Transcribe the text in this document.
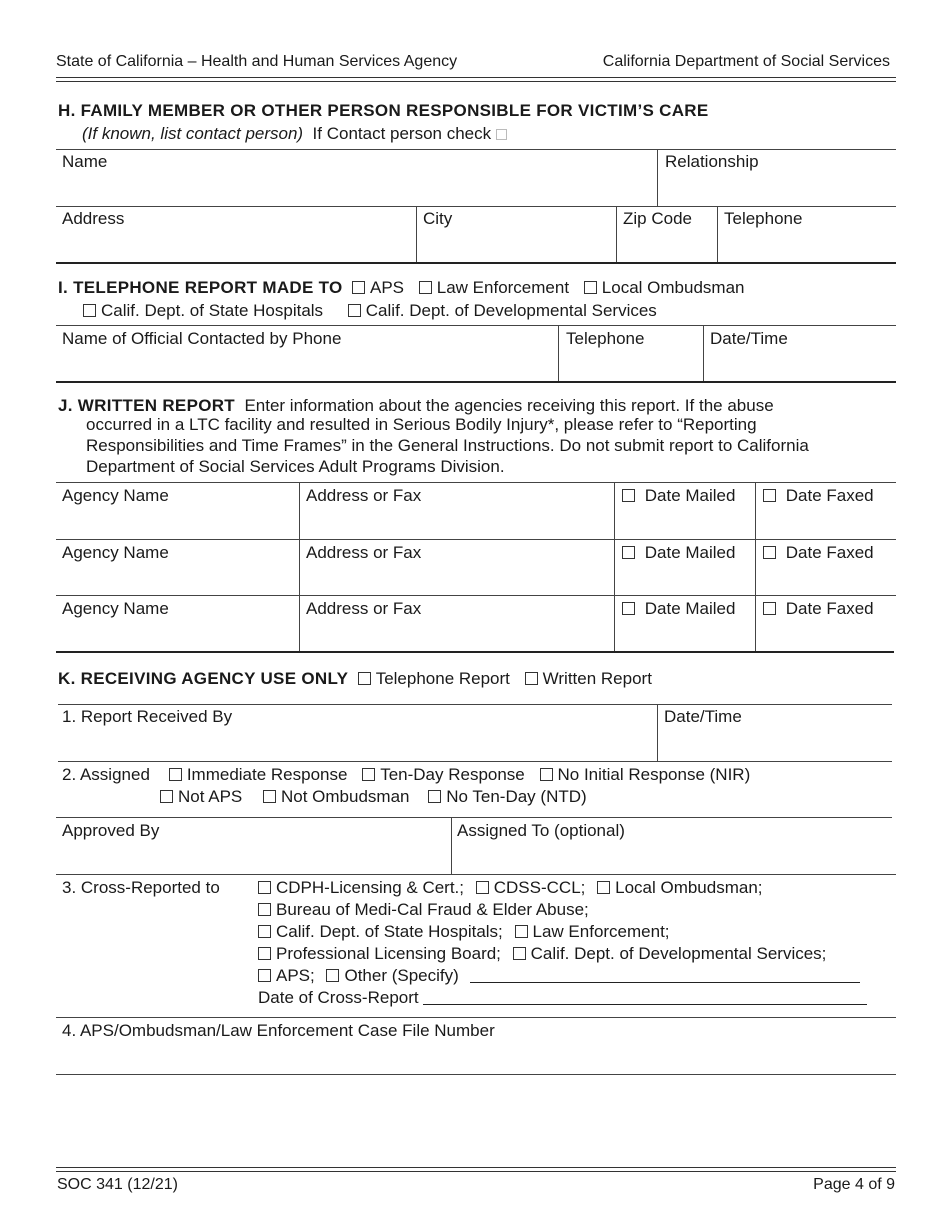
State of California – Health and Human Services Agency	California Department of Social Services
H. FAMILY MEMBER OR OTHER PERSON RESPONSIBLE FOR VICTIM’S CARE
(If known, list contact person) If Contact person check
Name	Relationship
Address	City	Zip Code Telephone
I. TELEPHONE REPORT MADE TO APS Law Enforcement Local Ombudsman
Calif. Dept. of State Hospitals	Calif. Dept. of Developmental Services
Name of Official Contacted by Phone	Telephone	Date/Time
J. WRITTEN REPORT Enter information about the agencies receiving this report. If the abuse
occurred in a LTC facility and resulted in Serious Bodily Injury*, please refer to “Reporting
Responsibilities and Time Frames” in the General Instructions. Do not submit report to California
Department of Social Services Adult Programs Division.
Agency Name	Address or Fax	Date Mailed	Date Faxed
Agency Name	Address or Fax	Date Mailed	Date Faxed
Agency Name	Address or Fax	Date Mailed	Date Faxed
K. RECEIVING AGENCY USE ONLY Telephone Report Written Report
1. Report Received By	Date/Time
2. Assigned Immediate Response Ten-Day Response No Initial Response (NIR)
Not APS Not Ombudsman No Ten-Day (NTD)
Approved By	Assigned To (optional)
3. Cross-Reported to	CDPH-Licensing & Cert.; CDSS-CCL; Local Ombudsman;
Bureau of Medi-Cal Fraud & Elder Abuse;
Calif. Dept. of State Hospitals; Law Enforcement;
Professional Licensing Board; Calif. Dept. of Developmental Services;
APS; Other (Specify)
Date of Cross-Report
4. APS/Ombudsman/Law Enforcement Case File Number
SOC 341 (12/21)	Page 4 of 9
